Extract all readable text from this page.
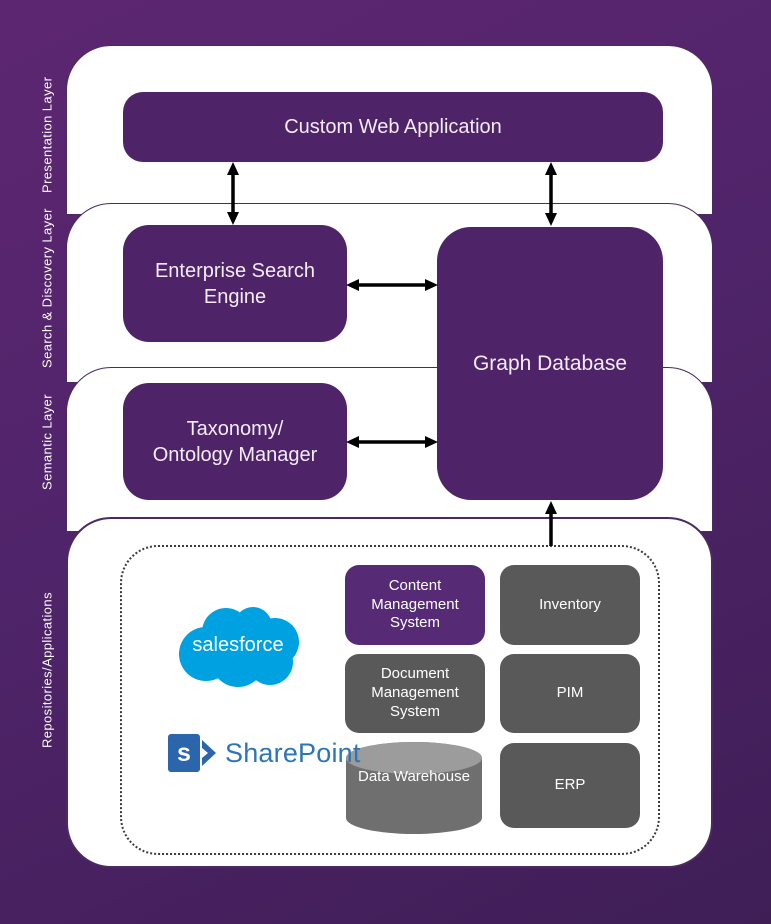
Presentation Layer
Search & Discovery Layer
Semantic Layer
Repositories/Applications
Custom Web Application
Enterprise Search
Engine
Graph Database
Taxonomy/
Ontology Manager
Content
Management
System
Inventory
Document
Management
System
PIM
ERP
Data Warehouse
salesforce
s SharePoint
